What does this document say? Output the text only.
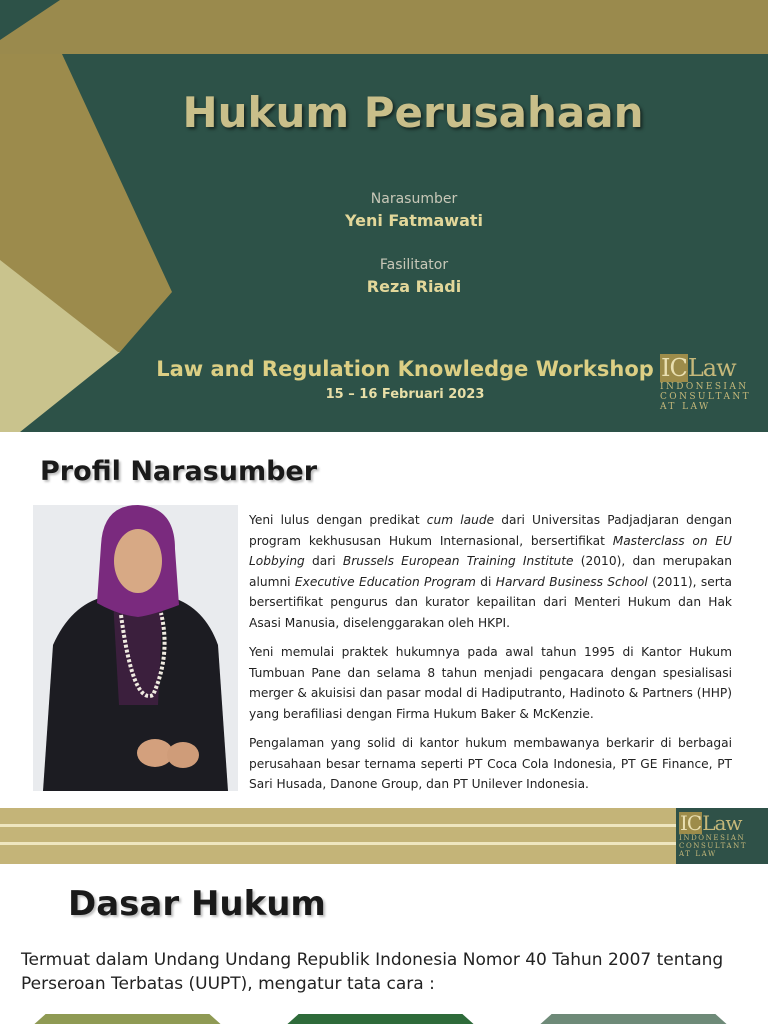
Hukum Perusahaan
Narasumber
Yeni Fatmawati
Fasilitator
Reza Riadi
Law and Regulation Knowledge Workshop
15 – 16 Februari 2023
ICLaw
INDONESIAN
CONSULTANT
AT LAW
Profil Narasumber

Yeni lulus dengan predikat cum laude dari Universitas Padjadjaran dengan program kekhususan Hukum Internasional, bersertifikat Masterclass on EU Lobbying dari Brussels European Training Institute (2010), dan merupakan alumni Executive Education Program di Harvard Business School (2011), serta bersertifikat pengurus dan kurator kepailitan dari Menteri Hukum dan Hak Asasi Manusia, diselenggarakan oleh HKPI.

Yeni memulai praktek hukumnya pada awal tahun 1995 di Kantor Hukum Tumbuan Pane dan selama 8 tahun menjadi pengacara dengan spesialisasi merger & akuisisi dan pasar modal di Hadiputranto, Hadinoto & Partners (HHP) yang berafiliasi dengan Firma Hukum Baker & McKenzie.

Pengalaman yang solid di kantor hukum membawanya berkarir di berbagai perusahaan besar ternama seperti PT Coca Cola Indonesia, PT GE Finance, PT Sari Husada, Danone Group, dan PT Unilever Indonesia.

ICLaw
INDONESIAN
CONSULTANT
AT LAW
Dasar Hukum
Termuat dalam Undang Undang Republik Indonesia Nomor 40 Tahun 2007 tentang Perseroan Terbatas (UUPT), mengatur tata cara :
